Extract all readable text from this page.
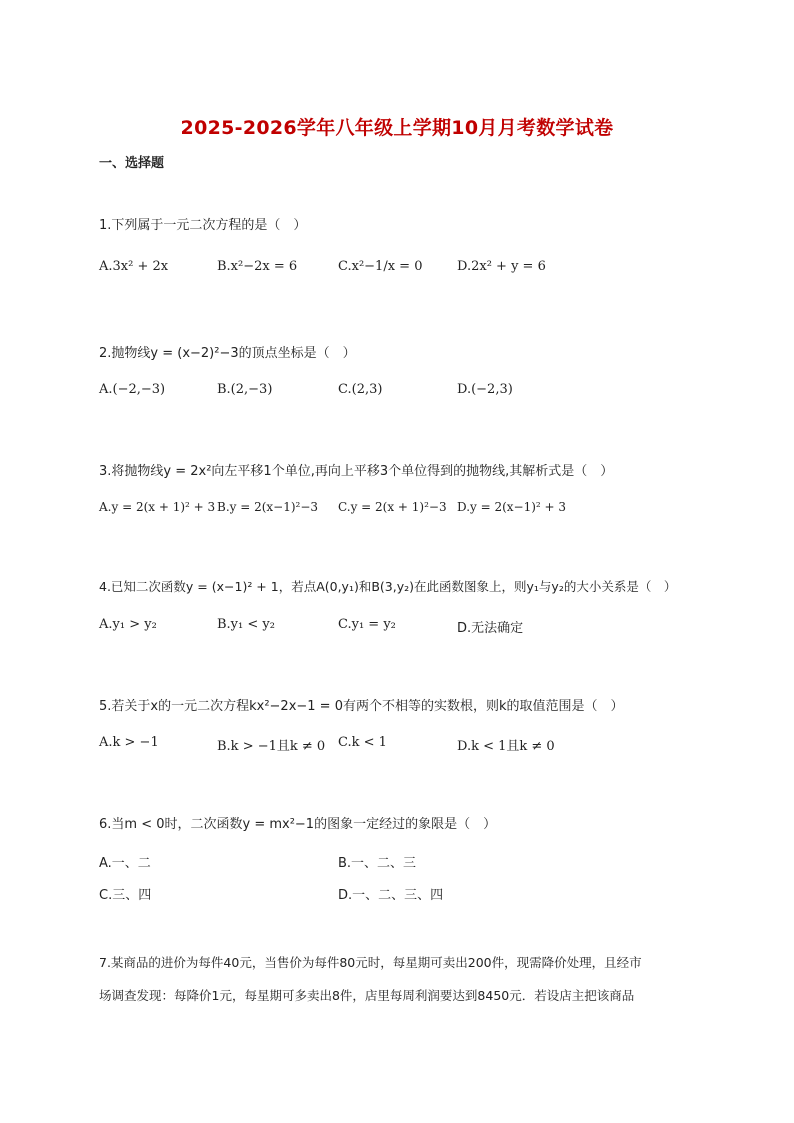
2025-2026学年八年级上学期10月月考数学试卷
一、选择题
1.下列属于一元二次方程的是（　）
A.3x² + 2x	B.x²−2x = 6	C.x²−1/x = 0	D.2x² + y = 6
2.抛物线y = (x−2)²−3的顶点坐标是（　）
A.(−2,−3)	B.(2,−3)	C.(2,3)	D.(−2,3)
3.将抛物线y = 2x²向左平移1个单位,再向上平移3个单位得到的抛物线,其解析式是（　）
A.y = 2(x + 1)² + 3 B.y = 2(x−1)²−3 C.y = 2(x + 1)²−3 D.y = 2(x−1)² + 3
4.已知二次函数y = (x−1)² + 1，若点A(0,y₁)和B(3,y₂)在此函数图象上，则y₁与y₂的大小关系是（　）
A.y₁ > y₂	B.y₁ < y₂	C.y₁ = y₂	D.无法确定
5.若关于x的一元二次方程kx²−2x−1 = 0有两个不相等的实数根，则k的取值范围是（　）
A.k > −1	B.k > −1且k ≠ 0 C.k < 1	D.k < 1且k ≠ 0
6.当m < 0时，二次函数y = mx²−1的图象一定经过的象限是（　）
A.一、二	B.一、二、三
C.三、四	D.一、二、三、四
7.某商品的进价为每件40元，当售价为每件80元时，每星期可卖出200件，现需降价处理，且经市
场调查发现：每降价1元，每星期可多卖出8件，店里每周利润要达到8450元．若设店主把该商品
